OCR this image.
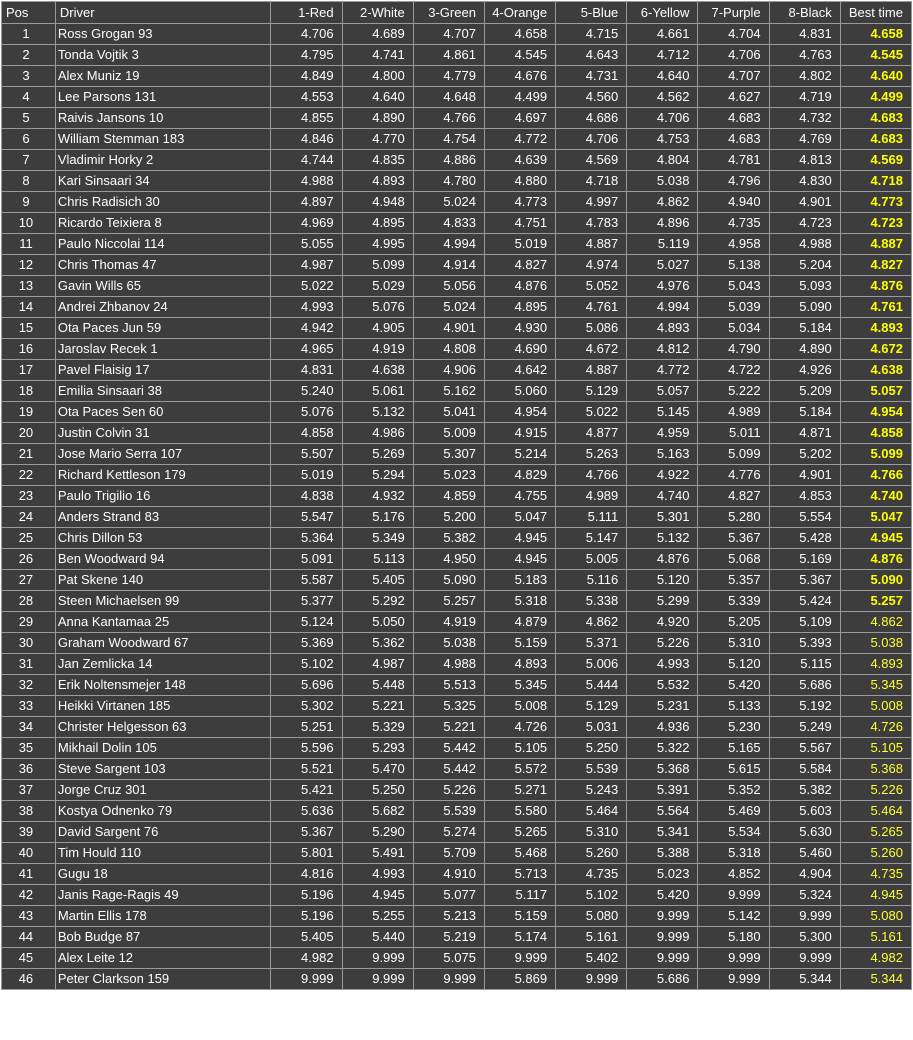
Pos	Driver	1-Red	2-White	3-Green	4-Orange	5-Blue	6-Yellow	7-Purple	8-Black	Best time
1	Ross Grogan 93	4.706	4.689	4.707	4.658	4.715	4.661	4.704	4.831	4.658
2	Tonda Vojtik 3	4.795	4.741	4.861	4.545	4.643	4.712	4.706	4.763	4.545
3	Alex Muniz 19	4.849	4.800	4.779	4.676	4.731	4.640	4.707	4.802	4.640
4	Lee Parsons 131	4.553	4.640	4.648	4.499	4.560	4.562	4.627	4.719	4.499
5	Raivis Jansons 10	4.855	4.890	4.766	4.697	4.686	4.706	4.683	4.732	4.683
6	William Stemman 183	4.846	4.770	4.754	4.772	4.706	4.753	4.683	4.769	4.683
7	Vladimir Horky 2	4.744	4.835	4.886	4.639	4.569	4.804	4.781	4.813	4.569
8	Kari Sinsaari 34	4.988	4.893	4.780	4.880	4.718	5.038	4.796	4.830	4.718
9	Chris Radisich 30	4.897	4.948	5.024	4.773	4.997	4.862	4.940	4.901	4.773
10	Ricardo Teixiera 8	4.969	4.895	4.833	4.751	4.783	4.896	4.735	4.723	4.723
11	Paulo Niccolai 114	5.055	4.995	4.994	5.019	4.887	5.119	4.958	4.988	4.887
12	Chris Thomas 47	4.987	5.099	4.914	4.827	4.974	5.027	5.138	5.204	4.827
13	Gavin Wills 65	5.022	5.029	5.056	4.876	5.052	4.976	5.043	5.093	4.876
14	Andrei Zhbanov 24	4.993	5.076	5.024	4.895	4.761	4.994	5.039	5.090	4.761
15	Ota Paces Jun 59	4.942	4.905	4.901	4.930	5.086	4.893	5.034	5.184	4.893
16	Jaroslav Recek 1	4.965	4.919	4.808	4.690	4.672	4.812	4.790	4.890	4.672
17	Pavel Flaisig 17	4.831	4.638	4.906	4.642	4.887	4.772	4.722	4.926	4.638
18	Emilia Sinsaari 38	5.240	5.061	5.162	5.060	5.129	5.057	5.222	5.209	5.057
19	Ota Paces Sen 60	5.076	5.132	5.041	4.954	5.022	5.145	4.989	5.184	4.954
20	Justin Colvin 31	4.858	4.986	5.009	4.915	4.877	4.959	5.011	4.871	4.858
21	Jose Mario Serra 107	5.507	5.269	5.307	5.214	5.263	5.163	5.099	5.202	5.099
22	Richard Kettleson 179	5.019	5.294	5.023	4.829	4.766	4.922	4.776	4.901	4.766
23	Paulo Trigilio 16	4.838	4.932	4.859	4.755	4.989	4.740	4.827	4.853	4.740
24	Anders Strand 83	5.547	5.176	5.200	5.047	5.111	5.301	5.280	5.554	5.047
25	Chris Dillon 53	5.364	5.349	5.382	4.945	5.147	5.132	5.367	5.428	4.945
26	Ben Woodward 94	5.091	5.113	4.950	4.945	5.005	4.876	5.068	5.169	4.876
27	Pat Skene 140	5.587	5.405	5.090	5.183	5.116	5.120	5.357	5.367	5.090
28	Steen Michaelsen 99	5.377	5.292	5.257	5.318	5.338	5.299	5.339	5.424	5.257
29	Anna Kantamaa 25	5.124	5.050	4.919	4.879	4.862	4.920	5.205	5.109	4.862
30	Graham Woodward 67	5.369	5.362	5.038	5.159	5.371	5.226	5.310	5.393	5.038
31	Jan Zemlicka 14	5.102	4.987	4.988	4.893	5.006	4.993	5.120	5.115	4.893
32	Erik Noltensmejer 148	5.696	5.448	5.513	5.345	5.444	5.532	5.420	5.686	5.345
33	Heikki Virtanen 185	5.302	5.221	5.325	5.008	5.129	5.231	5.133	5.192	5.008
34	Christer Helgesson 63	5.251	5.329	5.221	4.726	5.031	4.936	5.230	5.249	4.726
35	Mikhail Dolin 105	5.596	5.293	5.442	5.105	5.250	5.322	5.165	5.567	5.105
36	Steve Sargent 103	5.521	5.470	5.442	5.572	5.539	5.368	5.615	5.584	5.368
37	Jorge Cruz 301	5.421	5.250	5.226	5.271	5.243	5.391	5.352	5.382	5.226
38	Kostya Odnenko 79	5.636	5.682	5.539	5.580	5.464	5.564	5.469	5.603	5.464
39	David Sargent 76	5.367	5.290	5.274	5.265	5.310	5.341	5.534	5.630	5.265
40	Tim Hould 110	5.801	5.491	5.709	5.468	5.260	5.388	5.318	5.460	5.260
41	Gugu 18	4.816	4.993	4.910	5.713	4.735	5.023	4.852	4.904	4.735
42	Janis Rage-Ragis 49	5.196	4.945	5.077	5.117	5.102	5.420	9.999	5.324	4.945
43	Martin Ellis 178	5.196	5.255	5.213	5.159	5.080	9.999	5.142	9.999	5.080
44	Bob Budge 87	5.405	5.440	5.219	5.174	5.161	9.999	5.180	5.300	5.161
45	Alex Leite 12	4.982	9.999	5.075	9.999	5.402	9.999	9.999	9.999	4.982
46	Peter Clarkson 159	9.999	9.999	9.999	5.869	9.999	5.686	9.999	5.344	5.344
